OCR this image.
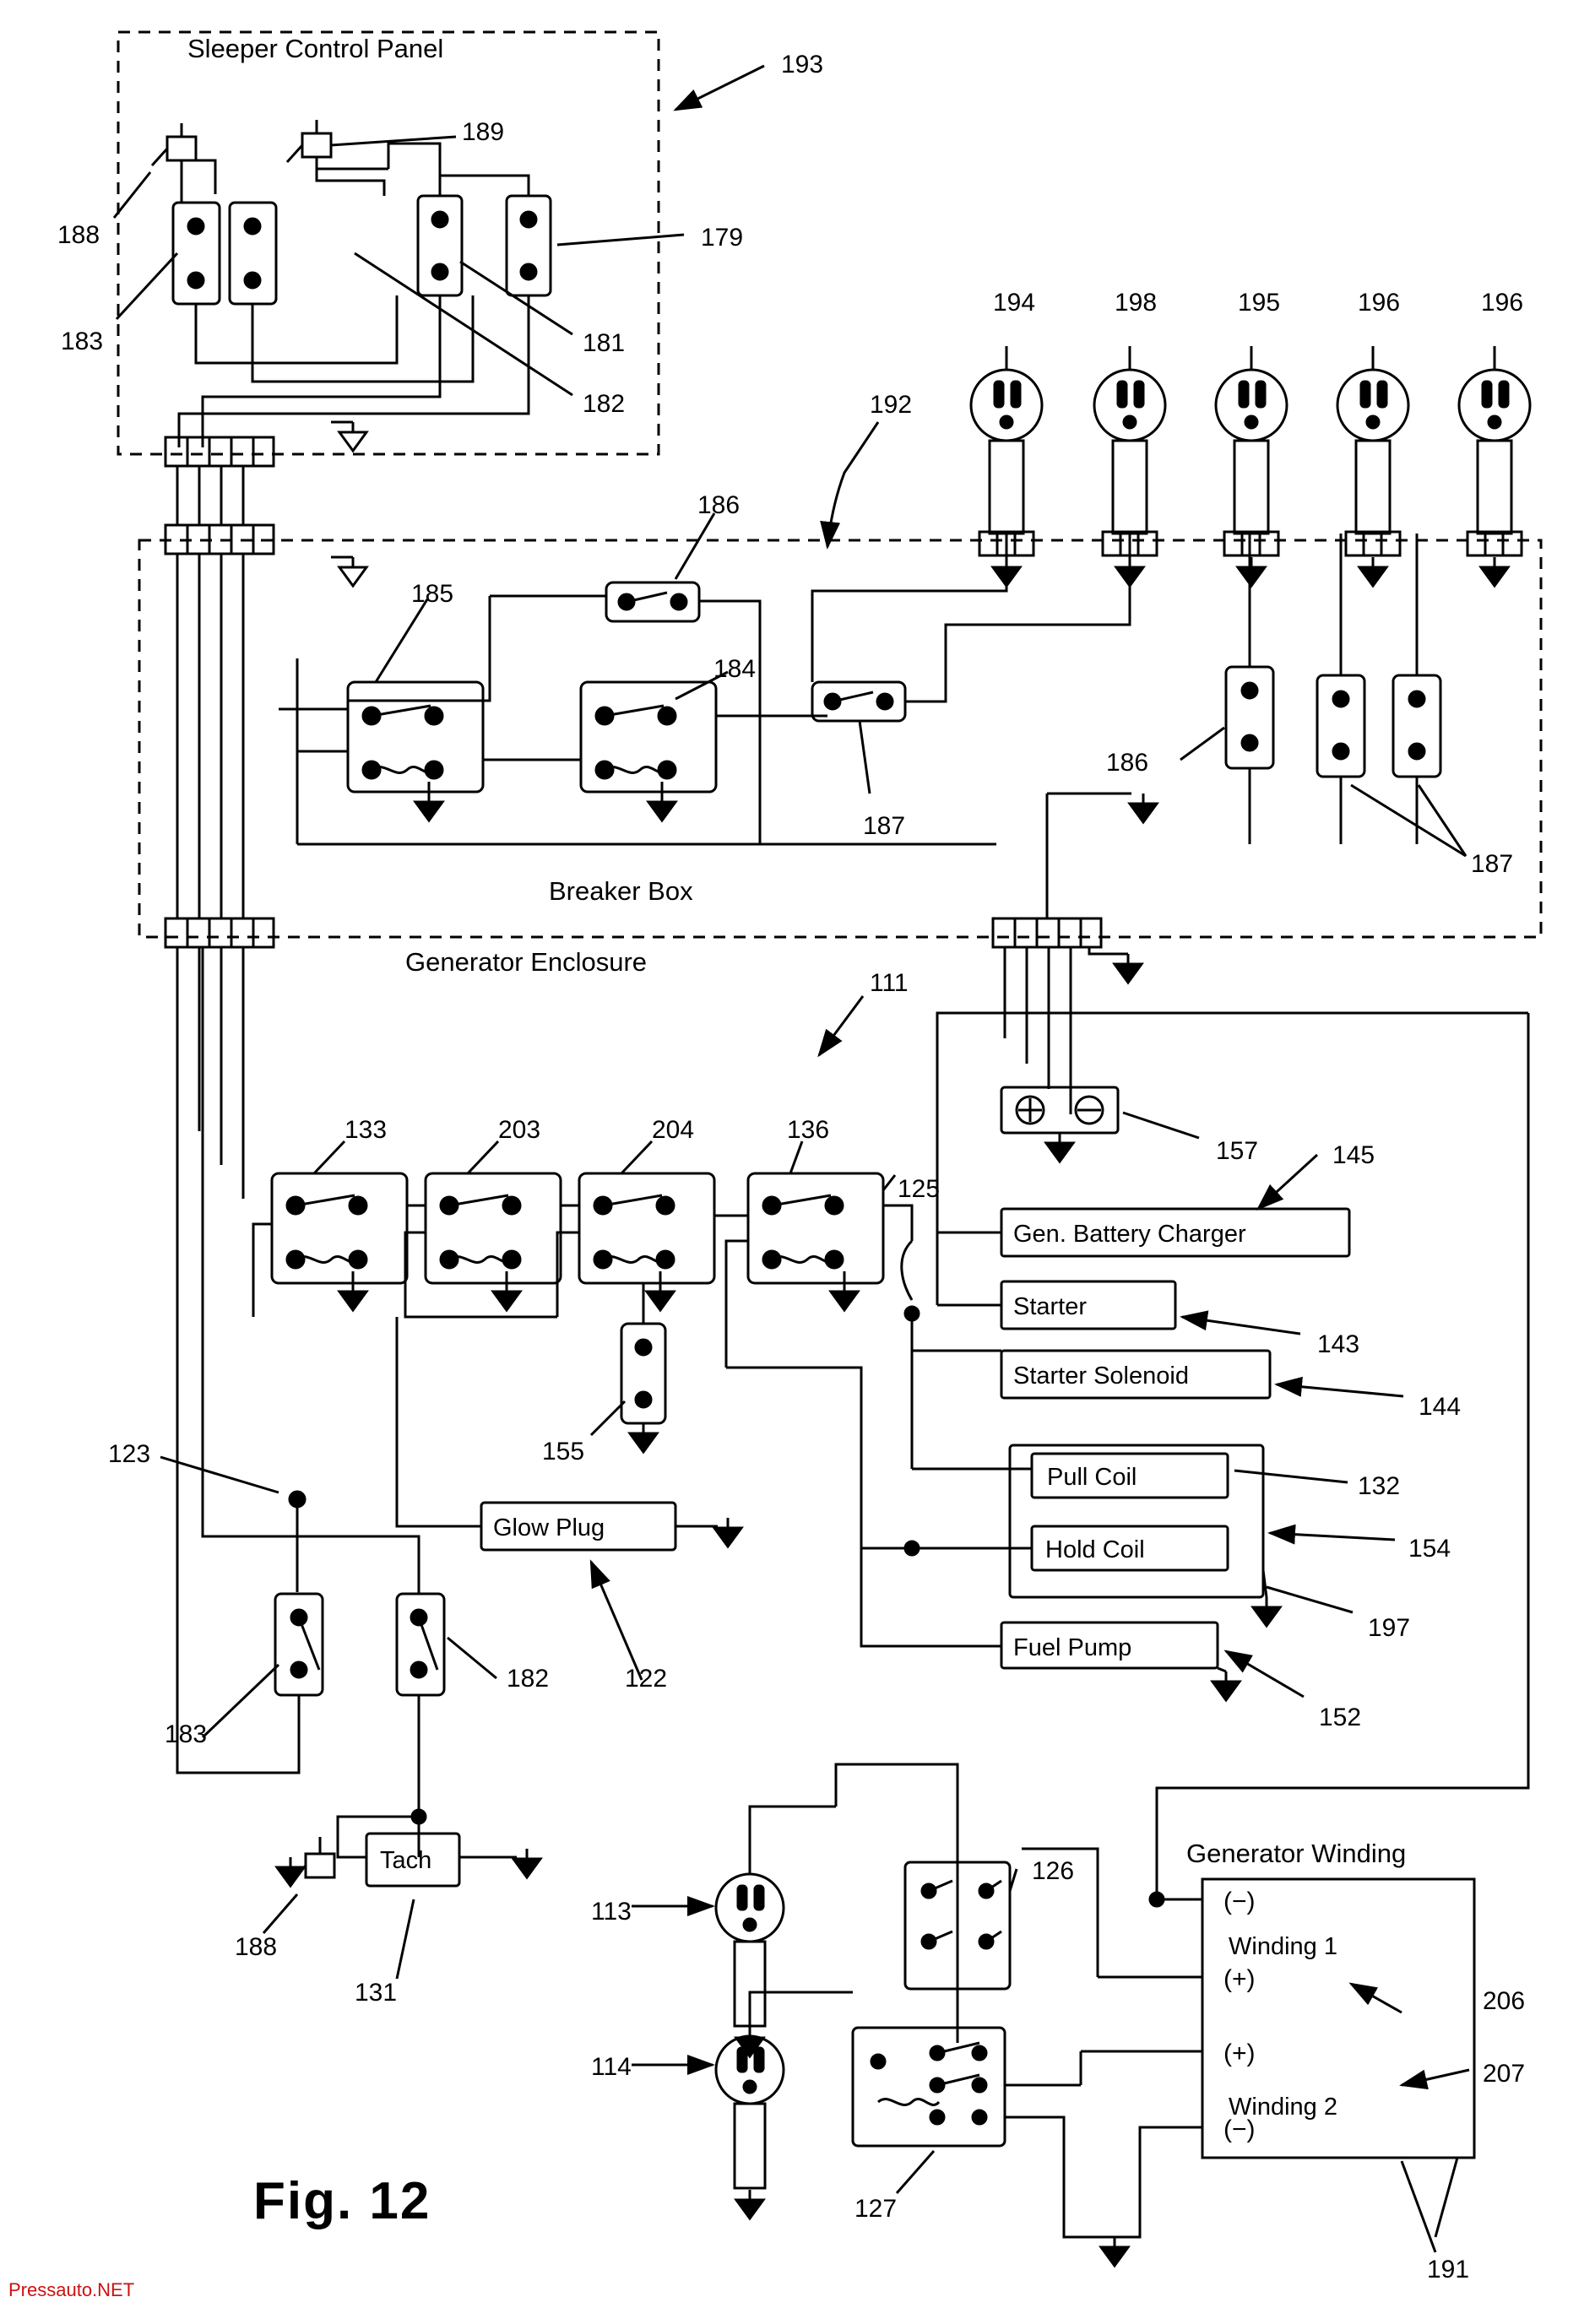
Sleeper Control Panel
Breaker Box
Generator Enclosure
Generator Winding
Gen. Battery Charger
Starter
Starter Solenoid
Pull Coil
Hold Coil
Fuel Pump
Glow Plug
Tach
Winding 1
Winding 2
(−)
(+)
(+)
(−)
193
189
179
188
183	181
182
194	198	195	196	196
192
186
185
184
187
186
187
111
133	203	204	136
125
157	145
143
144
132
154
197
152
123	155
182	122
183
188
131
113
114
126
127
206
207
191
Fig. 12
Pressauto.NET
